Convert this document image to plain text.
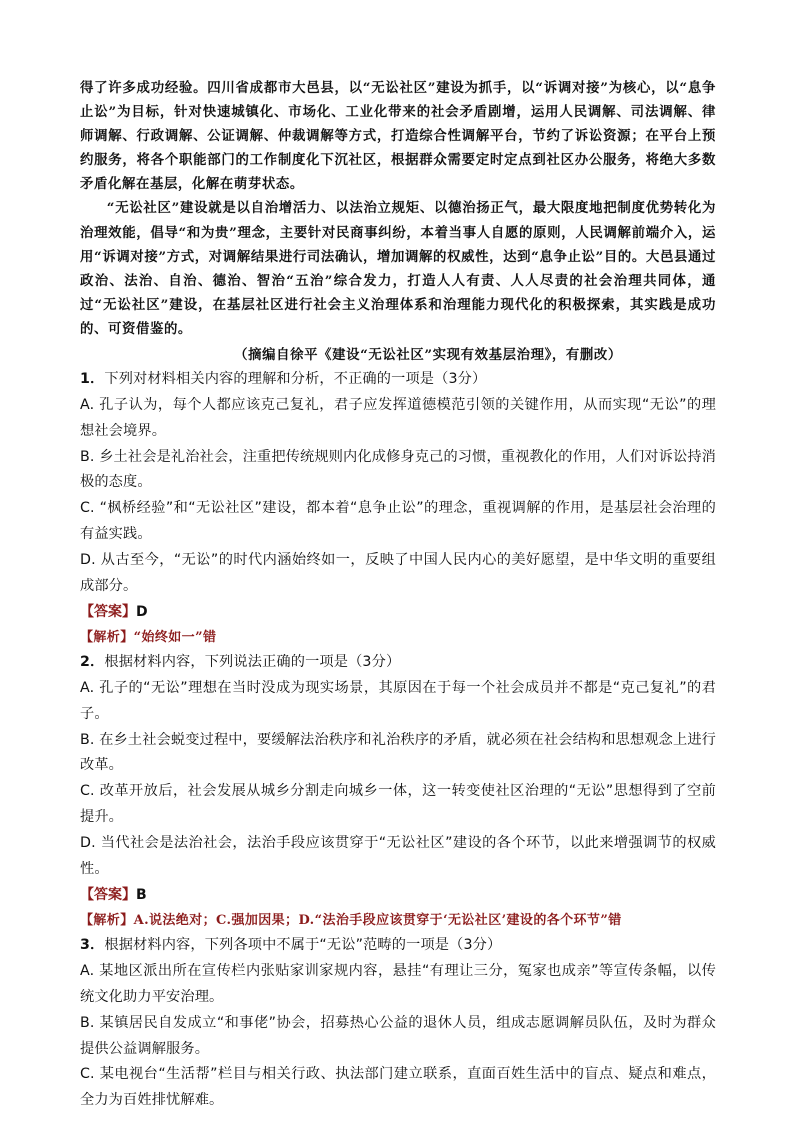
得了许多成功经验。四川省成都市大邑县，以“无讼社区”建设为抓手，以“诉调对接”为核心，以“息争止讼”为目标，针对快速城镇化、市场化、工业化带来的社会矛盾剧增，运用人民调解、司法调解、律师调解、行政调解、公证调解、仲裁调解等方式，打造综合性调解平台，节约了诉讼资源；在平台上预约服务，将各个职能部门的工作制度化下沉社区，根据群众需要定时定点到社区办公服务，将绝大多数矛盾化解在基层，化解在萌芽状态。

“无讼社区”建设就是以自治增活力、以法治立规矩、以德治扬正气，最大限度地把制度优势转化为治理效能，倡导“和为贵”理念，主要针对民商事纠纷，本着当事人自愿的原则，人民调解前端介入，运用“诉调对接”方式，对调解结果进行司法确认，增加调解的权威性，达到“息争止讼”目的。大邑县通过政治、法治、自治、德治、智治“五治”综合发力，打造人人有责、人人尽责的社会治理共同体，通过“无讼社区”建设，在基层社区进行社会主义治理体系和治理能力现代化的积极探索，其实践是成功的、可资借鉴的。

（摘编自徐平《建设“无讼社区”实现有效基层治理》，有删改）

1．下列对材料相关内容的理解和分析，不正确的一项是（3分）

A. 孔子认为，每个人都应该克己复礼，君子应发挥道德模范引领的关键作用，从而实现“无讼”的理想社会境界。

B. 乡土社会是礼治社会，注重把传统规则内化成修身克己的习惯，重视教化的作用，人们对诉讼持消极的态度。

C. “枫桥经验”和“无讼社区”建设，都本着“息争止讼”的理念，重视调解的作用，是基层社会治理的有益实践。

D. 从古至今，“无讼”的时代内涵始终如一，反映了中国人民内心的美好愿望，是中华文明的重要组成部分。

【答案】D
【解析】“始终如一”错

2．根据材料内容，下列说法正确的一项是（3分）

A. 孔子的“无讼”理想在当时没成为现实场景，其原因在于每一个社会成员并不都是“克己复礼”的君子。

B. 在乡土社会蜕变过程中，要缓解法治秩序和礼治秩序的矛盾，就必须在社会结构和思想观念上进行改革。

C. 改革开放后，社会发展从城乡分割走向城乡一体，这一转变使社区治理的“无讼”思想得到了空前提升。

D. 当代社会是法治社会，法治手段应该贯穿于“无讼社区”建设的各个环节，以此来增强调节的权威性。

【答案】B
【解析】A.说法绝对；C.强加因果；D.“法治手段应该贯穿于‘无讼社区’建设的各个环节”错

3．根据材料内容，下列各项中不属于“无讼”范畴的一项是（3分）

A. 某地区派出所在宣传栏内张贴家训家规内容，悬挂“有理让三分，冤家也成亲”等宣传条幅，以传统文化助力平安治理。

B. 某镇居民自发成立“和事佬”协会，招募热心公益的退休人员，组成志愿调解员队伍，及时为群众提供公益调解服务。

C. 某电视台“生活帮”栏目与相关行政、执法部门建立联系，直面百姓生活中的盲点、疑点和难点，全力为百姓排忧解难。
